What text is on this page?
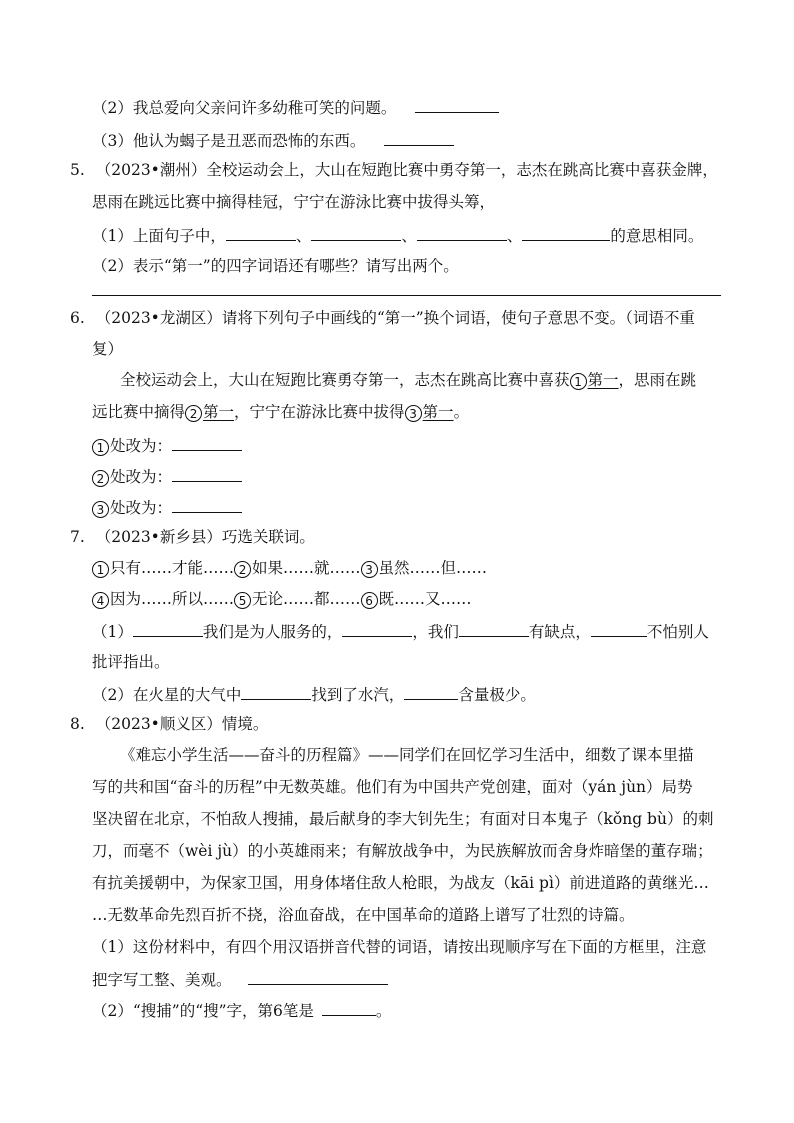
（2）我总爱向父亲问许多幼稚可笑的问题。
（3）他认为蝎子是丑恶而恐怖的东西。
5. （2023•潮州）全校运动会上，大山在短跑比赛中勇夺第一，志杰在跳高比赛中喜获金牌，
思雨在跳远比赛中摘得桂冠，宁宁在游泳比赛中拔得头筹，
（1）上面句子中，	、	、	、	的意思相同。
（2）表示“第一”的四字词语还有哪些？请写出两个。
6. （2023•龙湖区）请将下列句子中画线的“第一”换个词语，使句子意思不变。（词语不重
复）
全校运动会上，大山在短跑比赛勇夺第一，志杰在跳高比赛中喜获 1 第一，思雨在跳
远比赛中摘得 2 第一，宁宁在游泳比赛中拔得 3 第一。
1 处改为：
2 处改为：
3 处改为：
7. （2023•新乡县）巧选关联词。
1 只有……才能…… 2 如果……就…… 3 虽然……但……
4 因为……所以…… 5 无论……都…… 6 既……又……
（1）	我们是为人服务的，	，我们	有缺点，	不怕别人
批评指出。
（2）在火星的大气中	找到了水汽，	含量极少。
8. （2023•顺义区）情境。
《难忘小学生活——奋斗的历程篇》——同学们在回忆学习生活中，细数了课本里描
写的共和国“奋斗的历程”中无数英雄。他们有为中国共产党创建，面对（yán jùn）局势
坚决留在北京，不怕敌人搜捕，最后献身的李大钊先生；有面对日本鬼子（kǒng bù）的刺
刀，而毫不（wèi jù）的小英雄雨来；有解放战争中，为民族解放而舍身炸暗堡的董存瑞；
有抗美援朝中，为保家卫国，用身体堵住敌人枪眼，为战友（kāi pì）前进道路的黄继光…
…无数革命先烈百折不挠，浴血奋战，在中国革命的道路上谱写了壮烈的诗篇。
（1）这份材料中，有四个用汉语拼音代替的词语，请按出现顺序写在下面的方框里，注意
把字写工整、美观。
（2）“搜捕”的“搜”字，第6笔是	。
